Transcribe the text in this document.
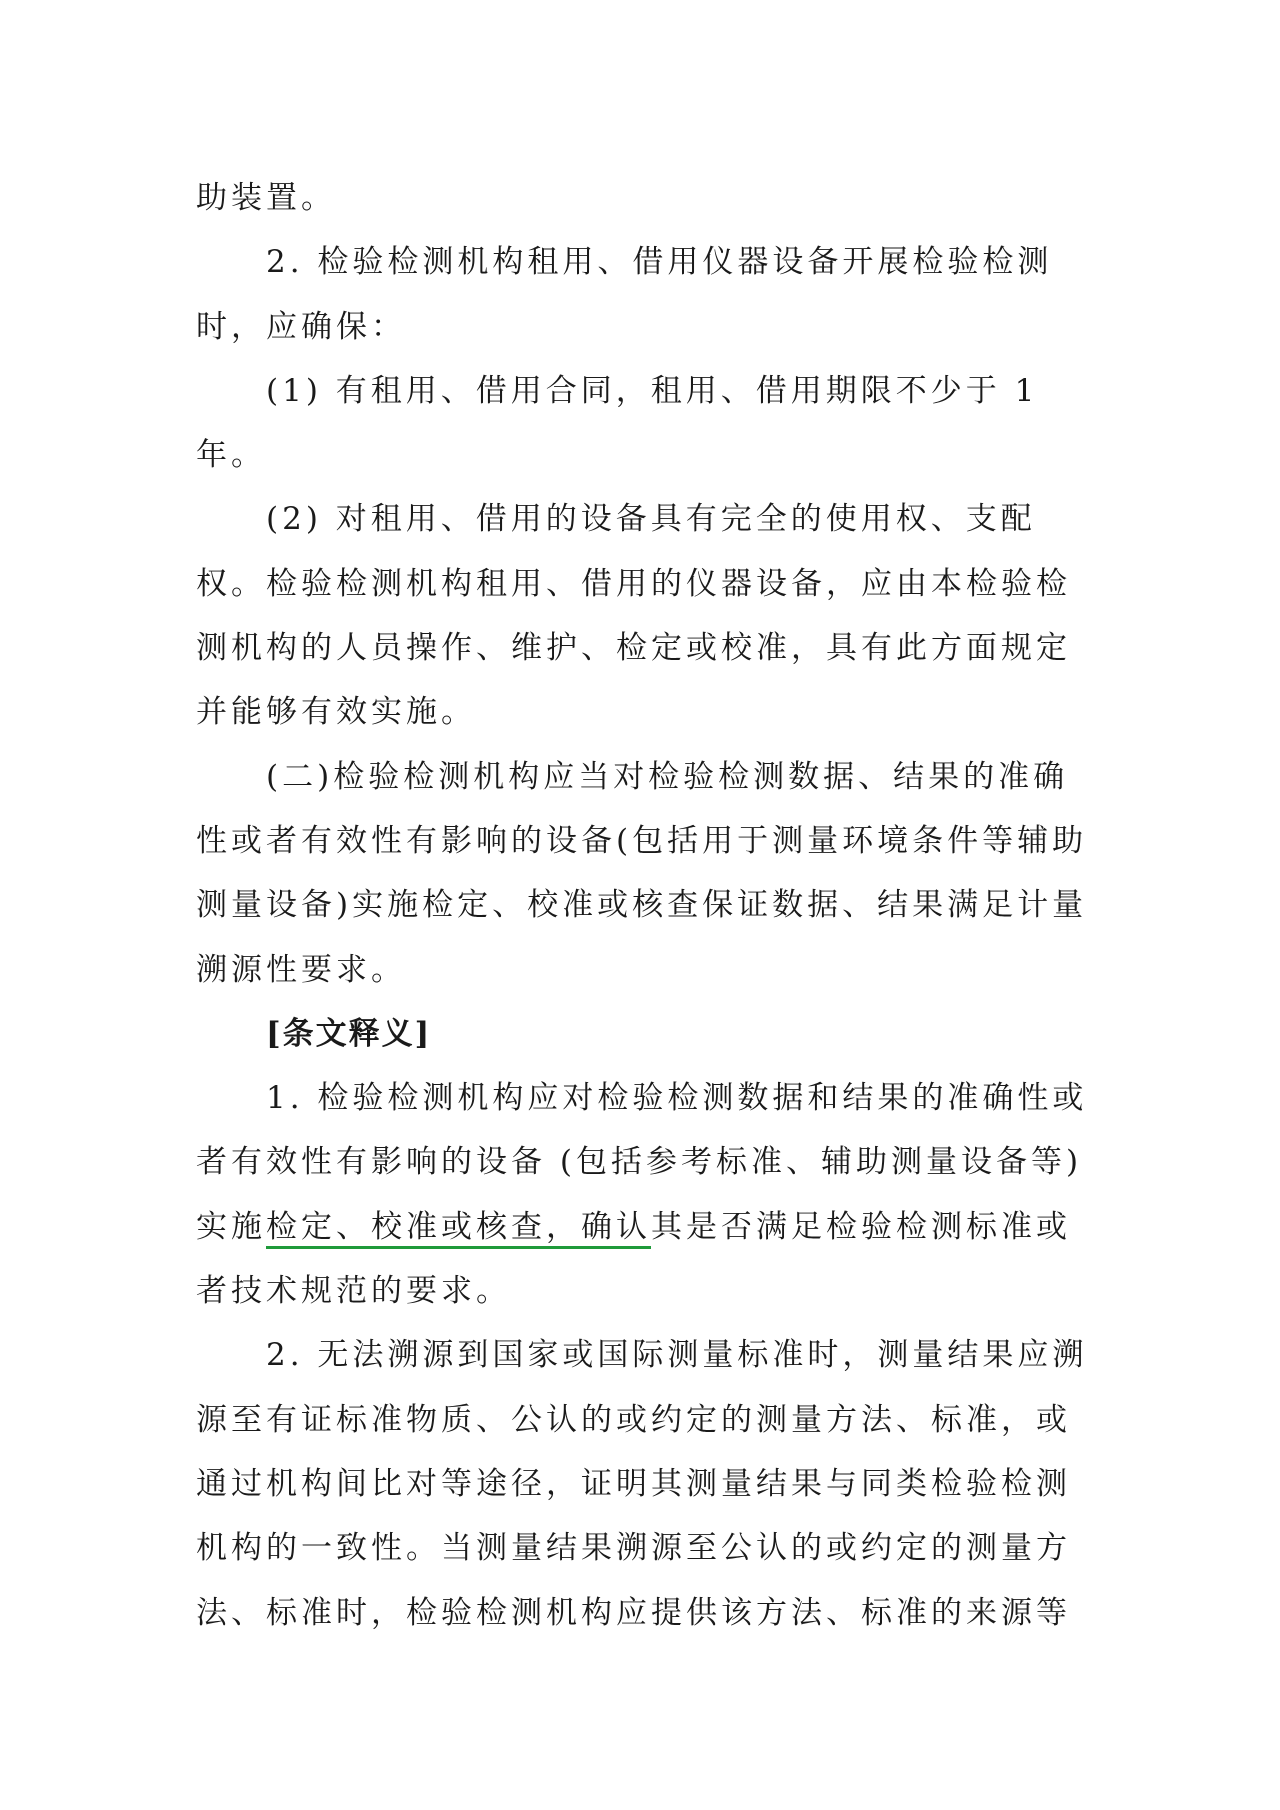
助装置。
2. 检验检测机构租用、借用仪器设备开展检验检测
时，应确保：
(1) 有租用、借用合同，租用、借用期限不少于 1
年。
(2) 对租用、借用的设备具有完全的使用权、支配
权。检验检测机构租用、借用的仪器设备，应由本检验检
测机构的人员操作、维护、检定或校准，具有此方面规定
并能够有效实施。
(二)检验检测机构应当对检验检测数据、结果的准确
性或者有效性有影响的设备(包括用于测量环境条件等辅助
测量设备)实施检定、校准或核查保证数据、结果满足计量
溯源性要求。
[条文释义]
1. 检验检测机构应对检验检测数据和结果的准确性或
者有效性有影响的设备 (包括参考标准、辅助测量设备等)
实施检定、校准或核查，确认其是否满足检验检测标准或
者技术规范的要求。
2. 无法溯源到国家或国际测量标准时，测量结果应溯
源至有证标准物质、公认的或约定的测量方法、标准，或
通过机构间比对等途径，证明其测量结果与同类检验检测
机构的一致性。当测量结果溯源至公认的或约定的测量方
法、标准时，检验检测机构应提供该方法、标准的来源等
